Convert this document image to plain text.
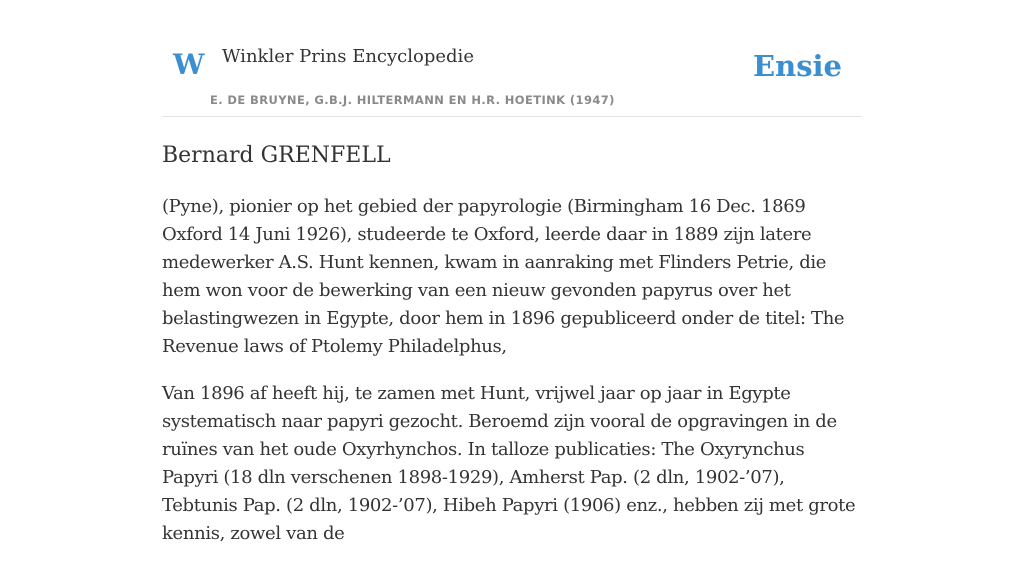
W Winkler Prins Encyclopedie
E. DE BRUYNE, G.B.J. HILTERMANN EN H.R. HOETINK (1947)
Ensie
Bernard GRENFELL

(Pyne), pionier op het gebied der papyrologie (Birmingham 16 Dec. 1869 Oxford 14 Juni 1926), studeerde te Oxford, leerde daar in 1889 zijn latere medewerker A.S. Hunt kennen, kwam in aanraking met Flinders Petrie, die hem won voor de bewerking van een nieuw gevonden papyrus over het belastingwezen in Egypte, door hem in 1896 gepubliceerd onder de titel: The Revenue laws of Ptolemy Philadelphus,

Van 1896 af heeft hij, te zamen met Hunt, vrijwel jaar op jaar in Egypte systematisch naar papyri gezocht. Beroemd zijn vooral de opgravingen in de ruïnes van het oude Oxyrhynchos. In talloze publicaties: The Oxyrynchus Papyri (18 dln verschenen 1898-1929), Amherst Pap. (2 dln, 1902-’07), Tebtunis Pap. (2 dln, 1902-’07), Hibeh Papyri (1906) enz., hebben zij met grote kennis, zowel van de
